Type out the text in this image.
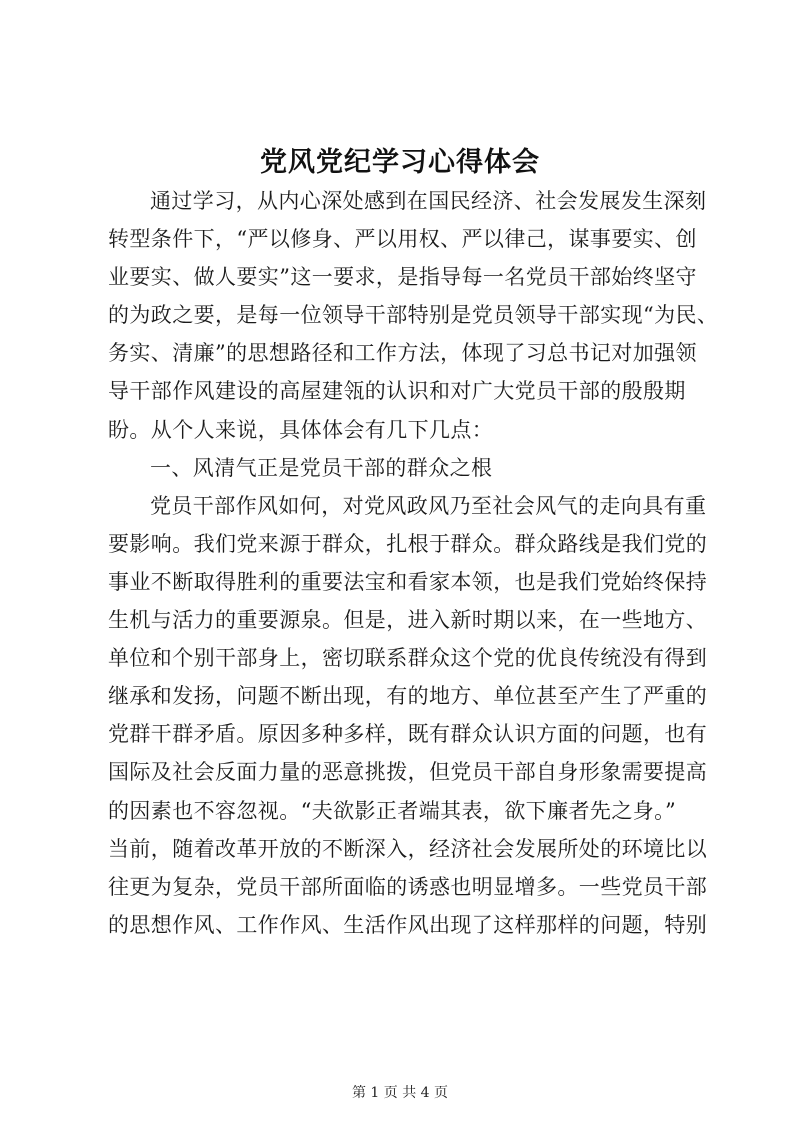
党风党纪学习心得体会
通过学习，从内心深处感到在国民经济、社会发展发生深刻
转型条件下，“严以修身、严以用权、严以律己，谋事要实、创
业要实、做人要实”这一要求，是指导每一名党员干部始终坚守
的为政之要，是每一位领导干部特别是党员领导干部实现“为民、
务实、清廉”的思想路径和工作方法，体现了习总书记对加强领
导干部作风建设的高屋建瓴的认识和对广大党员干部的殷殷期
盼。从个人来说，具体体会有几下几点：
一、风清气正是党员干部的群众之根
党员干部作风如何，对党风政风乃至社会风气的走向具有重
要影响。我们党来源于群众，扎根于群众。群众路线是我们党的
事业不断取得胜利的重要法宝和看家本领，也是我们党始终保持
生机与活力的重要源泉。但是，进入新时期以来，在一些地方、
单位和个别干部身上，密切联系群众这个党的优良传统没有得到
继承和发扬，问题不断出现，有的地方、单位甚至产生了严重的
党群干群矛盾。原因多种多样，既有群众认识方面的问题，也有
国际及社会反面力量的恶意挑拨，但党员干部自身形象需要提高
的因素也不容忽视。“夫欲影正者端其表，欲下廉者先之身。”
当前，随着改革开放的不断深入，经济社会发展所处的环境比以
往更为复杂，党员干部所面临的诱惑也明显增多。一些党员干部
的思想作风、工作作风、生活作风出现了这样那样的问题，特别
第 1 页 共 4 页
